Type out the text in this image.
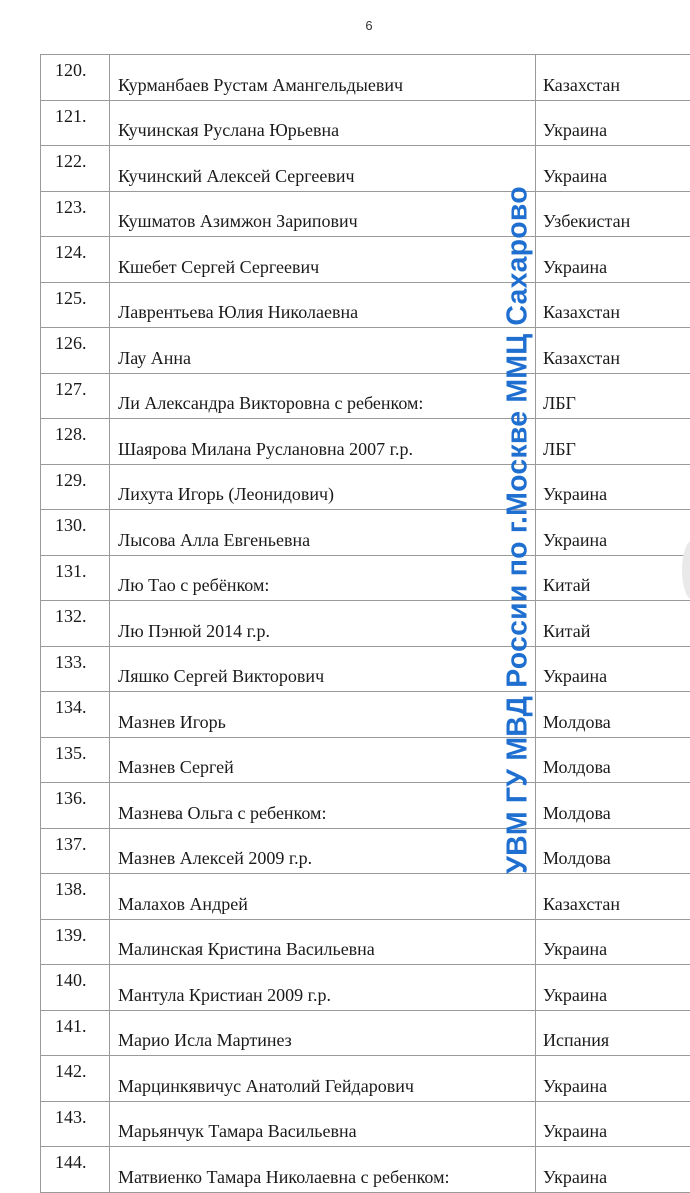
6
120.	Курманбаев Рустам Амангельдыевич	Казахстан
121.	Кучинская Руслана Юрьевна	Украина
122.	Кучинский Алексей Сергеевич	Украина
123.	Кушматов Азимжон Зарипович	Узбекистан
124.	Кшебет Сергей Сергеевич	Украина
125.	Лаврентьева Юлия Николаевна	Казахстан
126.	Лау Анна	Казахстан
127.	Ли Александра Викторовна с ребенком:	ЛБГ
128.	Шаярова Милана Руслановна 2007 г.р.	ЛБГ
129.	Лихута Игорь (Леонидович)	Украина
130.	Лысова Алла Евгеньевна	Украина
131.	Лю Тао с ребёнком:	Китай
132.	Лю Пэнюй 2014 г.р.	Китай
133.	Ляшко Сергей Викторович	Украина
134.	Мазнев Игорь	Молдова
135.	Мазнев Сергей	Молдова
136.	Мазнева Ольга с ребенком:	Молдова
137.	Мазнев Алексей 2009 г.р.	Молдова
138.	Малахов Андрей	Казахстан
139.	Малинская Кристина Васильевна	Украина
140.	Мантула Кристиан 2009 г.р.	Украина
141.	Марио Исла Мартинез	Испания
142.	Марцинкявичус Анатолий Гейдарович	Украина
143.	Марьянчук Тамара Васильевна	Украина
144.	Матвиенко Тамара Николаевна с ребенком:	Украина
УВМ ГУ МВД России по г.Москве ММЦ Сахарово
